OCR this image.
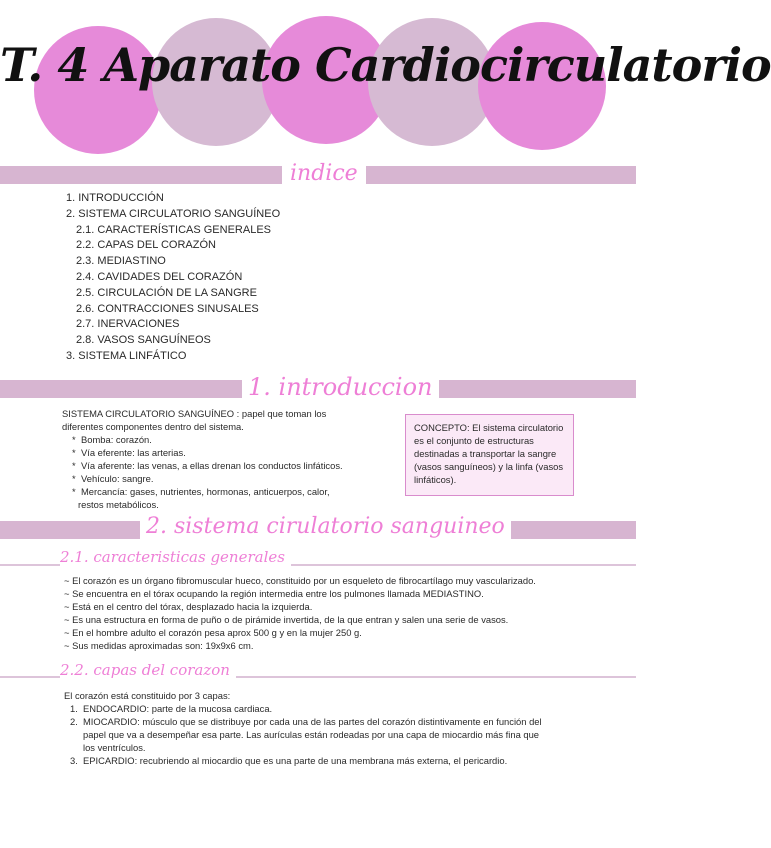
T. 4 Aparato Cardiocirculatorio
indice
1. INTRODUCCIÓN
2. SISTEMA CIRCULATORIO SANGUÍNEO
2.1. CARACTERÍSTICAS GENERALES
2.2. CAPAS DEL CORAZÓN
2.3. MEDIASTINO
2.4. CAVIDADES DEL CORAZÓN
2.5. CIRCULACIÓN DE LA SANGRE
2.6. CONTRACCIONES SINUSALES
2.7. INERVACIONES
2.8. VASOS SANGUÍNEOS
3. SISTEMA LINFÁTICO
1. introduccion
SISTEMA CIRCULATORIO SANGUÍNEO : papel que toman los
diferentes componentes dentro del sistema.
* Bomba: corazón.
* Vía eferente: las arterias.
* Vía aferente: las venas, a ellas drenan los conductos linfáticos.
* Vehículo: sangre.
* Mercancía: gases, nutrientes, hormonas, anticuerpos, calor,
restos metabólicos.
CONCEPTO: El sistema circulatorio
es el conjunto de estructuras
destinadas a transportar la sangre
(vasos sanguíneos) y la linfa (vasos
linfáticos).
2. sistema cirulatorio sanguineo
2.1. caracteristicas generales
~ El corazón es un órgano fibromuscular hueco, constituido por un esqueleto de fibrocartílago muy vascularizado.
~ Se encuentra en el tórax ocupando la región intermedia entre los pulmones llamada MEDIASTINO.
~ Está en el centro del tórax, desplazado hacia la izquierda.
~ Es una estructura en forma de puño o de pirámide invertida, de la que entran y salen una serie de vasos.
~ En el hombre adulto el corazón pesa aprox 500 g y en la mujer 250 g.
~ Sus medidas aproximadas son: 19x9x6 cm.
2.2. capas del corazon
El corazón está constituido por 3 capas:
1. ENDOCARDIO: parte de la mucosa cardiaca.
2. MIOCARDIO: músculo que se distribuye por cada una de las partes del corazón distintivamente en función del
papel que va a desempeñar esa parte. Las aurículas están rodeadas por una capa de miocardio más fina que
los ventrículos.
3. EPICARDIO: recubriendo al miocardio que es una parte de una membrana más externa, el pericardio.
